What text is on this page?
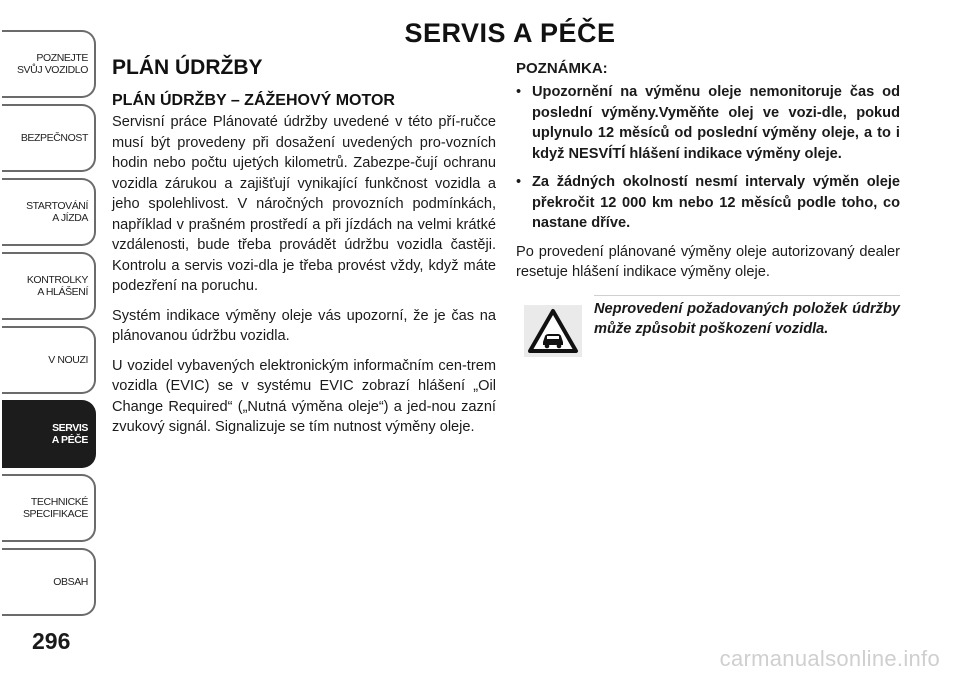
POZNEJTE
SVŮJ VOZIDLO
BEZPEČNOST
STARTOVÁNÍ
A JÍZDA
KONTROLKY
A HLÁŠENÍ
V NOUZI
SERVIS
A PÉČE
TECHNICKÉ
SPECIFIKACE
OBSAH
296
SERVIS A PÉČE
PLÁN ÚDRŽBY
PLÁN ÚDRŽBY – ZÁŽEHOVÝ MOTOR

Servisní práce Plánovaté údržby uvedené v této pří-ručce musí být provedeny při dosažení uvedených pro-vozních hodin nebo počtu ujetých kilometrů. Zabezpe-čují ochranu vozidla zárukou a zajišťují vynikající funkčnost vozidla a jeho spolehlivost. V náročných provozních podmínkách, například v prašném prostředí a při jízdách na velmi krátké vzdálenosti, bude třeba provádět údržbu vozidla častěji. Kontrolu a servis vozi-dla je třeba provést vždy, když máte podezření na poruchu.

Systém indikace výměny oleje vás upozorní, že je čas na plánovanou údržbu vozidla.

U vozidel vybavených elektronickým informačním cen-trem vozidla (EVIC) se v systému EVIC zobrazí hlášení „Oil Change Required“ („Nutná výměna oleje“) a jed-nou zazní zvukový signál. Signalizuje se tím nutnost výměny oleje.

POZNÁMKA:
• Upozornění na výměnu oleje nemonitoruje čas od poslední výměny.Vyměňte olej ve vozi-dle, pokud uplynulo 12 měsíců od poslední výměny oleje, a to i když NESVÍTÍ hlášení indikace výměny oleje.
• Za žádných okolností nesmí intervaly výměn oleje překročit 12 000 km nebo 12 měsíců podle toho, co nastane dříve.

Po provedení plánované výměny oleje autorizovaný dealer resetuje hlášení indikace výměny oleje.

Neprovedení požadovaných položek údržby může způsobit poškození vozidla.

carmanualsonline.info
